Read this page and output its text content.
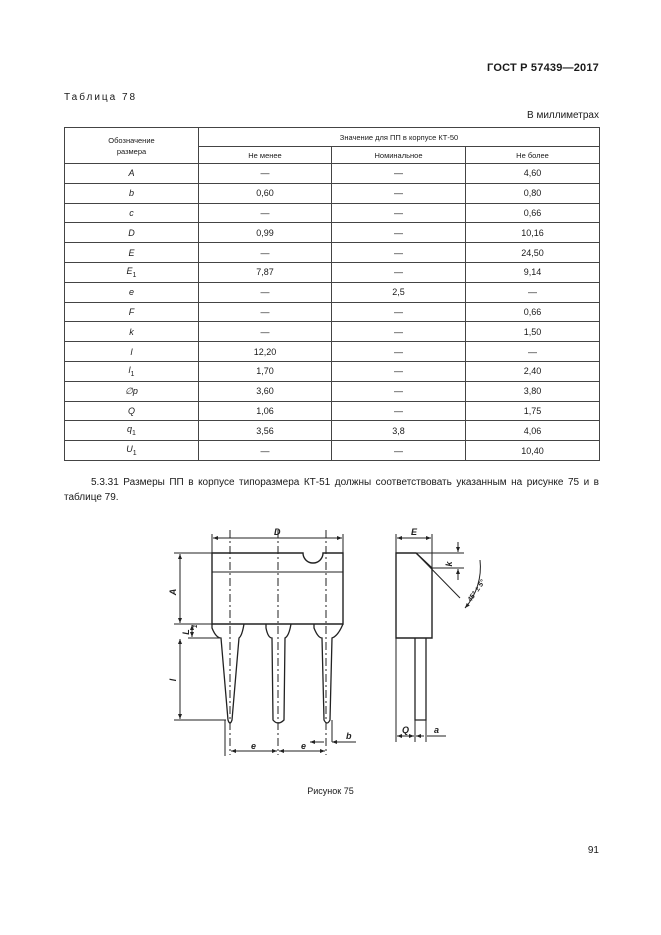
ГОСТ Р 57439—2017
Таблица 78
В миллиметрах
Обозначение размера	Значение для ПП в корпусе КТ-50		
	Не менее	Номинальное	Не более
A	—	—	4,60
b	0,60	—	0,80
c	—	—	0,66
D	0,99	—	10,16
E	—	—	24,50
$E_1$	7,87	—	9,14
e	—	2,5	—
F	—	—	0,66
k	—	—	1,50
l	12,20	—	—
$l_1$	1,70	—	2,40
∅p	3,60	—	3,80
Q	1,06	—	1,75
$q_1$	3,56	3,8	4,06
$U_1$	—	—	10,40
5.3.31 Размеры ПП в корпусе типоразмера КТ-51 должны соответствовать указанным на рисунке 75 и в таблице 79.
D	E
A
L
1
l
e	e
b
k
Q	a
45° ± 5°
Рисунок 75
91
